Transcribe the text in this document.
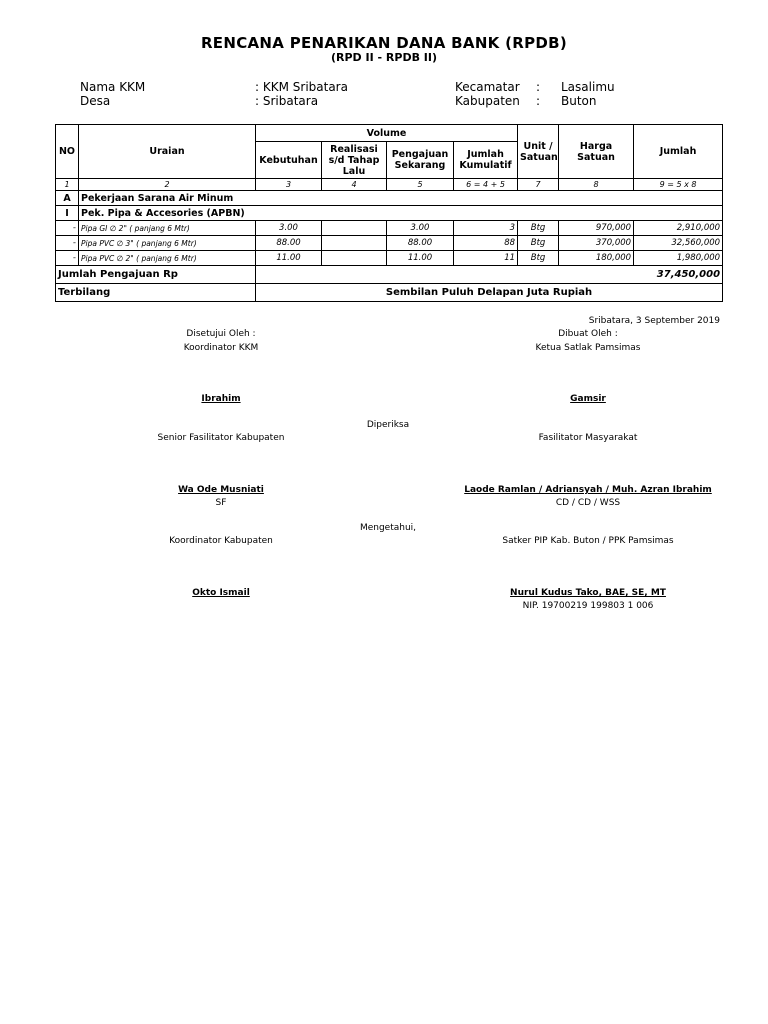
RENCANA PENARIKAN DANA BANK (RPDB)
(RPD II - RPDB II)
Nama KKM	: KKM Sribatara
Desa	: Sribatara
Kecamatar : Lasalimu
Kabupaten : Buton
NO	Uraian	Volume				Unit / Satuan	Harga Satuan	Jumlah
		Kebutuhan	Realisasi s/d Tahap Lalu	Pengajuan Sekarang	Jumlah Kumulatif			
1	2	3	4	5	6 = 4 + 5	7	8	9 = 5 x 8
A	Pekerjaan Sarana Air Minum							
I	Pek. Pipa & Accesories (APBN)							
-	Pipa GI ∅ 2" ( panjang 6 Mtr)	3.00		3.00	3	Btg	970,000	2,910,000
-	Pipa PVC ∅ 3" ( panjang 6 Mtr)	88.00		88.00	88	Btg	370,000	32,560,000
-	Pipa PVC ∅ 2" ( panjang 6 Mtr)	11.00		11.00	11	Btg	180,000	1,980,000
Jumlah Pengajuan Rp		37,450,000						
Terbilang		Sembilan Puluh Delapan Juta Rupiah						
Sribatara, 3 September 2019
Disetujui Oleh :
Koordinator KKM
Dibuat Oleh :
Ketua Satlak Pamsimas
Ibrahim	Gamsir
Diperiksa
Senior Fasilitator Kabupaten	Fasilitator Masyarakat
Wa Ode Musniati
SF
Laode Ramlan / Adriansyah / Muh. Azran Ibrahim
CD / CD / WSS
Mengetahui,
Koordinator Kabupaten	Satker PIP Kab. Buton / PPK Pamsimas
Okto Ismail	Nurul Kudus Tako, BAE, SE, MT
NIP. 19700219 199803 1 006
